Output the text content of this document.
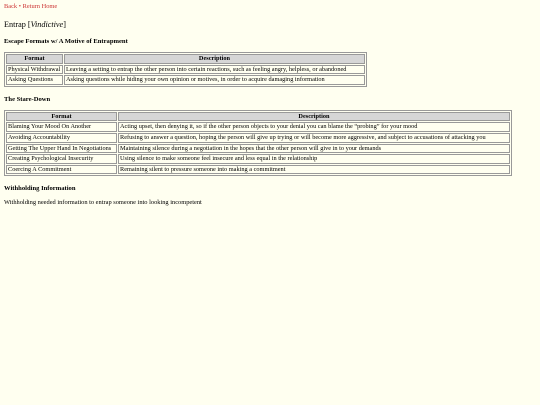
Back • Return Home
Entrap [Vindictive]
Escape Formats w/ A Motive of Entrapment
Format	Description
Physical Withdrawal	Leaving a setting to entrap the other person into certain reactions, such as feeling angry, helpless, or abandoned
Asking Questions	Asking questions while hiding your own opinion or motives, in order to acquire damaging information
The Stare-Down
Format	Description
Blaming Your Mood On Another	Acting upset, then denying it, so if the other person objects to your denial you can blame the “probing” for your mood
Avoiding Accountability	Refusing to answer a question, hoping the person will give up trying or will become more aggressive, and subject to accusations of attacking you
Getting The Upper Hand In Negotiations	Maintaining silence during a negotiation in the hopes that the other person will give in to your demands
Creating Psychological Insecurity	Using silence to make someone feel insecure and less equal in the relationship
Coercing A Commitment	Remaining silent to pressure someone into making a commitment
Withholding Information

Withholding needed information to entrap someone into looking incompetent
